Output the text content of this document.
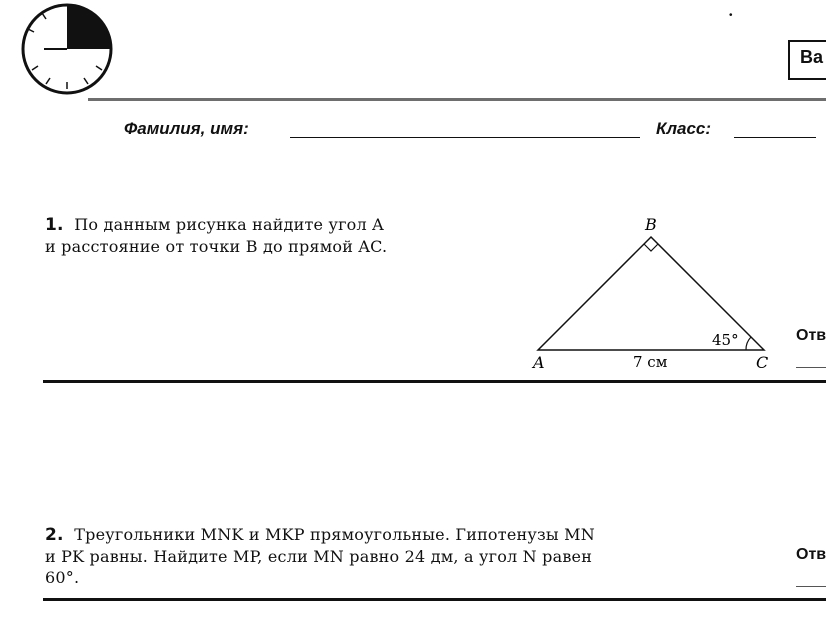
•
Ва
Фамилия, имя:	Класс:
1. По данным рисунка найдите угол A
и расстояние от точки B до прямой AC.
B
A	C
7 см
45°	Отв
2. Треугольники MNK и MKP прямоугольные. Гипотенузы MN
и PK равны. Найдите MP, если MN равно 24 дм, а угол N равен
60°.
Отв
